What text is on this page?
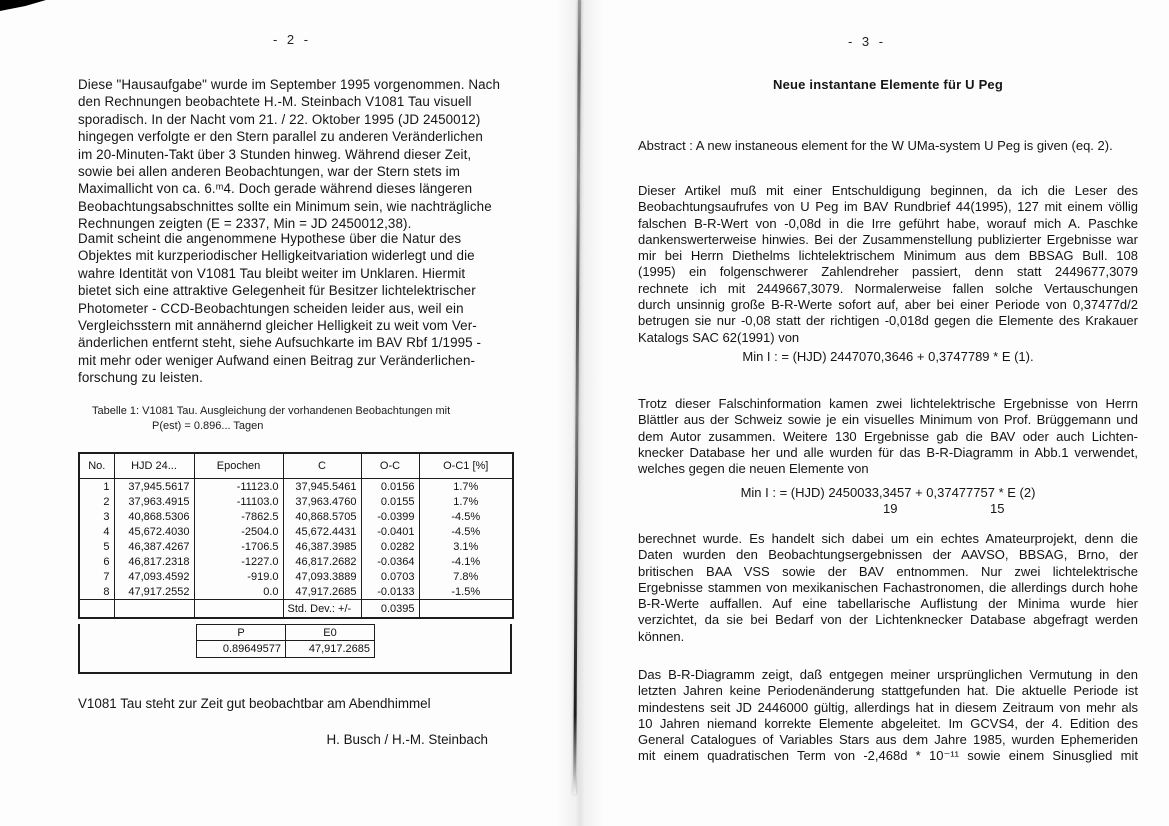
- 2 -
Diese "Hausaufgabe" wurde im September 1995 vorgenommen. Nach
den Rechnungen beobachtete H.-M. Steinbach V1081 Tau visuell
sporadisch. In der Nacht vom 21. / 22. Oktober 1995 (JD 2450012)
hingegen verfolgte er den Stern parallel zu anderen Veränderlichen
im 20-Minuten-Takt über 3 Stunden hinweg. Während dieser Zeit,
sowie bei allen anderen Beobachtungen, war der Stern stets im
Maximallicht von ca. 6.ᵐ4. Doch gerade während dieses längeren
Beobachtungsabschnittes sollte ein Minimum sein, wie nachträgliche
Rechnungen zeigten (E = 2337, Min = JD 2450012,38).
Damit scheint die angenommene Hypothese über die Natur des
Objektes mit kurzperiodischer Helligkeitvariation widerlegt und die
wahre Identität von V1081 Tau bleibt weiter im Unklaren. Hiermit
bietet sich eine attraktive Gelegenheit für Besitzer lichtelektrischer
Photometer - CCD-Beobachtungen scheiden leider aus, weil ein
Vergleichsstern mit annähernd gleicher Helligkeit zu weit vom Ver-
änderlichen entfernt steht, siehe Aufsuchkarte im BAV Rbf 1/1995 -
mit mehr oder weniger Aufwand einen Beitrag zur Veränderlichen-
forschung zu leisten.
Tabelle 1: V1081 Tau. Ausgleichung der vorhandenen Beobachtungen mit
P(est) = 0.896... Tagen
No.	HJD 24...	Epochen	C	O-C	O-C1 [%]
1	37,945.5617	-11123.0	37,945.5461	0.0156	1.7%
2	37,963.4915	-11103.0	37,963.4760	0.0155	1.7%
3	40,868.5306	-7862.5	40,868.5705	-0.0399	-4.5%
4	45,672.4030	-2504.0	45,672.4431	-0.0401	-4.5%
5	46,387.4267	-1706.5	46,387.3985	0.0282	3.1%
6	46,817.2318	-1227.0	46,817.2682	-0.0364	-4.1%
7	47,093.4592	-919.0	47,093.3889	0.0703	7.8%
8	47,917.2552	0.0	47,917.2685	-0.0133	-1.5%
			Std. Dev.: +/-	0.0395	
P	E0
0.89649577	47,917.2685
V1081 Tau steht zur Zeit gut beobachtbar am Abendhimmel
H. Busch / H.-M. Steinbach
- 3 -
Neue instantane Elemente für U Peg
Abstract : A new instaneous element for the W UMa-system U Peg is given (eq. 2).
Dieser Artikel muß mit einer Entschuldigung beginnen, da ich die Leser des
Beobachtungsaufrufes von U Peg im BAV Rundbrief 44(1995), 127 mit einem völlig
falschen B-R-Wert von -0,08d in die Irre geführt habe, worauf mich A. Paschke
dankenswerterweise hinwies. Bei der Zusammenstellung publizierter Ergebnisse war
mir bei Herrn Diethelms lichtelektrischem Minimum aus dem BBSAG Bull. 108
(1995) ein folgenschwerer Zahlendreher passiert, denn statt 2449677,3079
rechnete ich mit 2449667,3079. Normalerweise fallen solche Vertauschungen
durch unsinnig große B-R-Werte sofort auf, aber bei einer Periode von 0,37477d/2
betrugen sie nur -0,08 statt der richtigen -0,018d gegen die Elemente des Krakauer
Katalogs SAC 62(1991) von
Min I : = (HJD) 2447070,3646 + 0,3747789 * E (1).
Trotz dieser Falschinformation kamen zwei lichtelektrische Ergebnisse von Herrn
Blättler aus der Schweiz sowie je ein visuelles Minimum von Prof. Brüggemann und
dem Autor zusammen. Weitere 130 Ergebnisse gab die BAV oder auch Lichten-
knecker Database her und alle wurden für das B-R-Diagramm in Abb.1 verwendet,
welches gegen die neuen Elemente von
Min I : = (HJD) 2450033,3457 + 0,37477757 * E (2)
19	15
berechnet wurde. Es handelt sich dabei um ein echtes Amateurprojekt, denn die
Daten wurden den Beobachtungsergebnissen der AAVSO, BBSAG, Brno, der
britischen BAA VSS sowie der BAV entnommen. Nur zwei lichtelektrische
Ergebnisse stammen von mexikanischen Fachastronomen, die allerdings durch hohe
B-R-Werte auffallen. Auf eine tabellarische Auflistung der Minima wurde hier
verzichtet, da sie bei Bedarf von der Lichtenknecker Database abgefragt werden
können.
Das B-R-Diagramm zeigt, daß entgegen meiner ursprünglichen Vermutung in den
letzten Jahren keine Periodenänderung stattgefunden hat. Die aktuelle Periode ist
mindestens seit JD 2446000 gültig, allerdings hat in diesem Zeitraum von mehr als
10 Jahren niemand korrekte Elemente abgeleitet. Im GCVS4, der 4. Edition des
General Catalogues of Variables Stars aus dem Jahre 1985, wurden Ephemeriden
mit einem quadratischen Term von -2,468d * 10⁻¹¹ sowie einem Sinusglied mit
